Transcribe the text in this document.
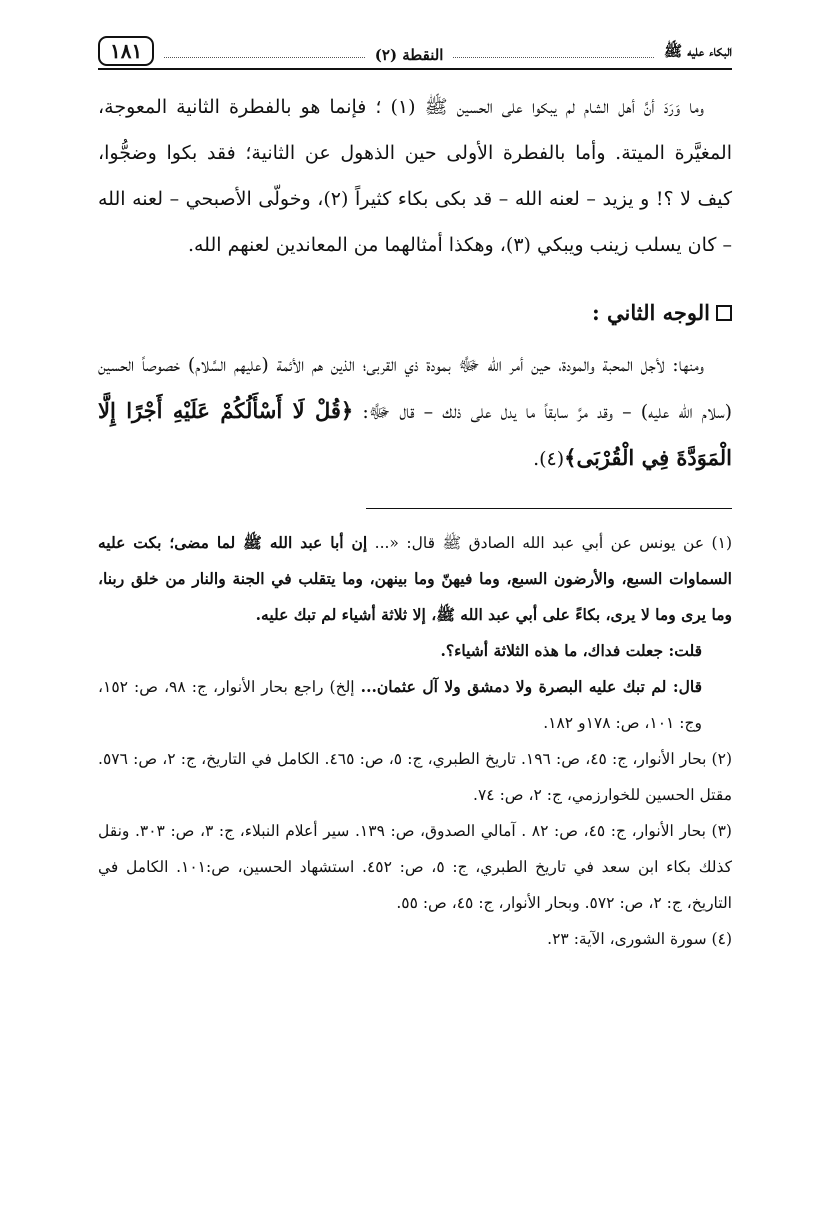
البكاء عليه ﷺ
النقطة (٢)
١٨١

وما وَرَدَ أنَّ أهل الشام لم يبكوا على الحسين ﷺ (١) ؛ فإنما هو بالفطرة الثانية المعوجة، المغيَّرة الميتة. وأما بالفطرة الأولى حين الذهول عن الثانية؛ فقد بكوا وضجُّوا، كيف لا ؟! و يزيد – لعنه الله – قد بكى بكاء كثيراً (٢)، وخولّى الأصبحي – لعنه الله – كان يسلب زينب ويبكي (٣)، وهكذا أمثالهما من المعاندين لعنهم الله.

الوجه الثاني :

ومنها: لأجل المحبة والمودة، حين أمر الله ﷻ بمودة ذي القربى؛ الذين هم الأئمة (عليهم السَّلام) خصوصاً الحسين (سلام الله عليه) – وقد مرَّ سابقاً ما يدل على ذلك – قال ﷻ: ﴿قُلْ لَا أَسْأَلُكُمْ عَلَيْهِ أَجْرًا إِلَّا الْمَوَدَّةَ فِي الْقُرْبَى﴾(٤).

(١) عن يونس عن أبي عبد الله الصادق ﷺ قال: «... إن أبا عبد الله ﷺ لما مضى؛ بكت عليه السماوات السبع، والأرضون السبع، وما فيهنّ وما بينهن، وما يتقلب في الجنة والنار من خلق ربنا، وما يرى وما لا يرى، بكاءً على أبي عبد الله ﷺ، إلا ثلاثة أشياء لم تبك عليه.

قلت: جعلت فداك، ما هذه الثلاثة أشياء؟.

قال: لم تبك عليه البصرة ولا دمشق ولا آل عثمان... إلخ) راجع بحار الأنوار، ج: ٩٨، ص: ١٥٢، وج: ١٠١، ص: ١٧٨و ١٨٢.

(٢) بحار الأنوار، ج: ٤٥، ص: ١٩٦. تاريخ الطبري، ج: ٥، ص: ٤٦٥. الكامل في التاريخ، ج: ٢، ص: ٥٧٦. مقتل الحسين للخوارزمي، ج: ٢، ص: ٧٤.

(٣) بحار الأنوار، ج: ٤٥، ص: ٨٢ . آمالي الصدوق، ص: ١٣٩. سير أعلام النبلاء، ج: ٣، ص: ٣٠٣. ونقل كذلك بكاء ابن سعد في تاريخ الطبري، ج: ٥، ص: ٤٥٢. استشهاد الحسين، ص:١٠١. الكامل في التاريخ، ج: ٢، ص: ٥٧٢. وبحار الأنوار، ج: ٤٥، ص: ٥٥.

(٤) سورة الشورى، الآية: ٢٣.
